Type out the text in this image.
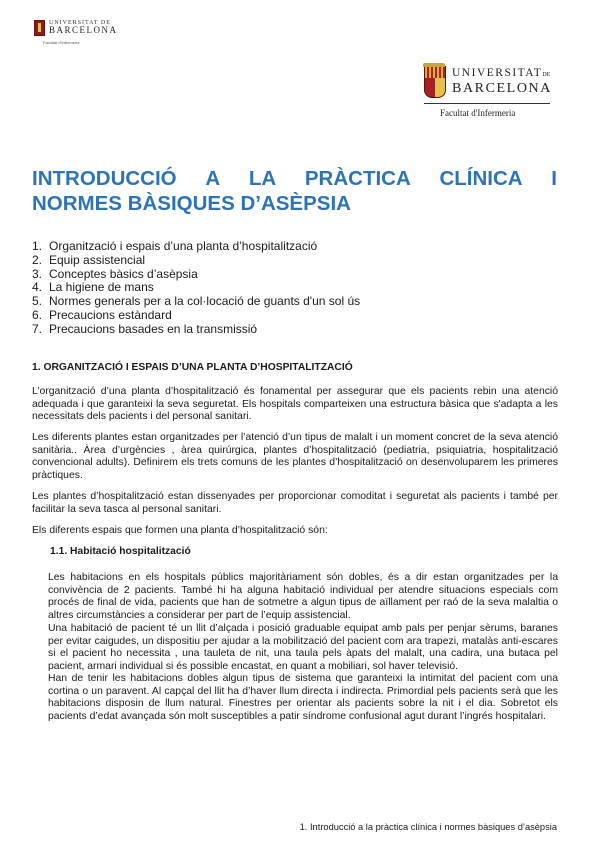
UNIVERSITAT DE
BARCELONA
Facultat d'Infermeria
UNIVERSITATDE
BARCELONA
Facultat d'Infermeria
INTRODUCCIÓ A LA PRÀCTICA CLÍNICA I
NORMES BÀSIQUES D’ASÈPSIA
1. Organització i espais d’una planta d’hospitalització
2. Equip assistencial
3. Conceptes bàsics d’asèpsia
4. La higiene de mans
5. Normes generals per a la col·locació de guants d'un sol ús
6. Precaucions estàndard
7. Precaucions basades en la transmissió
1. ORGANITZACIÓ I ESPAIS D’UNA PLANTA D’HOSPITALITZACIÓ

L’organització d’una planta d’hospitalització és fonamental per assegurar que els pacients rebin una atenció adequada i que garanteixi la seva seguretat. Els hospitals comparteixen una estructura bàsica que s'adapta a les necessitats dels pacients i del personal sanitari.

Les diferents plantes estan organitzades per l’atenció d’un tipus de malalt i un moment concret de la seva atenció sanitària.. Àrea d’urgències , àrea quirúrgica, plantes d’hospitalització (pediatria, psiquiatria, hospitalització convencional adults). Definirem els trets comuns de les plantes d’hospitalització on desenvoluparem les primeres pràctiques.

Les plantes d’hospitalització estan dissenyades per proporcionar comoditat i seguretat als pacients i també per facilitar la seva tasca al personal sanitari.

Els diferents espais que formen una planta d’hospitalització són:

1.1. Habitació hospitalització

Les habitacions en els hospitals públics majoritàriament són dobles, és a dir estan organitzades per la convivència de 2 pacients. També hi ha alguna habitació individual per atendre situacions especials com procés de final de vida, pacients que han de sotmetre a algun tipus de aïllament per raó de la seva malaltia o altres circumstàncies a considerar per part de l’equip assistencial.

Una habitació de pacient té un llit d’alçada i posició graduable equipat amb pals per penjar sèrums, baranes per evitar caigudes, un dispositiu per ajudar a la mobilització del pacient com ara trapezi, matalàs anti-escares si el pacient ho necessita , una tauleta de nit, una taula pels àpats del malalt, una cadira, una butaca pel pacient, armari individual si és possible encastat, en quant a mobiliari, sol haver televisió.

Han de tenir les habitacions dobles algun tipus de sistema que garanteixi la intimitat del pacient com una cortina o un paravent. Al capçal del llit ha d’haver llum directa i indirecta. Primordial pels pacients serà que les habitacions disposin de llum natural. Finestres per orientar als pacients sobre la nit i el dia. Sobretot els pacients d’edat avançada són molt susceptibles a patir síndrome confusional agut durant l’ingrés hospitalari.

1. Introducció a la pràctica clínica i normes bàsiques d’asèpsia
